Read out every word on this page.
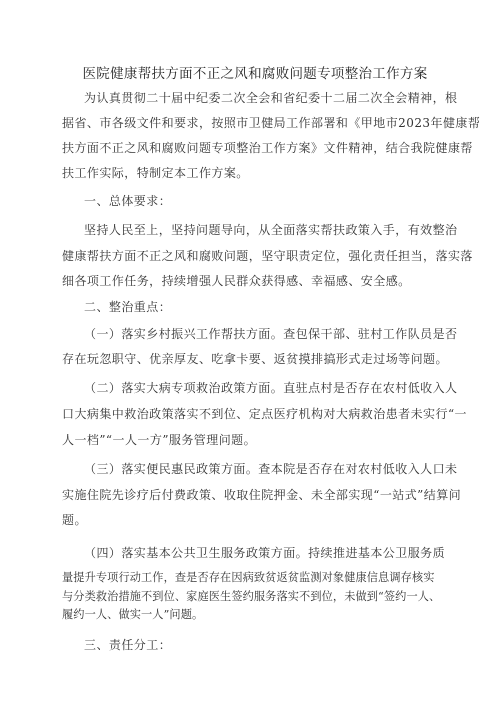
医院健康帮扶方面不正之风和腐败问题专项整治工作方案
为认真贯彻二十届中纪委二次全会和省纪委十二届二次全会精神，根
据省、市各级文件和要求，按照市卫健局工作部署和《甲地市2023年健康帮
扶方面不正之风和腐败问题专项整治工作方案》文件精神，结合我院健康帮
扶工作实际，特制定本工作方案。
一、总体要求：
坚持人民至上，坚持问题导向，从全面落实帮扶政策入手，有效整治
健康帮扶方面不正之风和腐败问题，坚守职责定位，强化责任担当，落实落
细各项工作任务，持续增强人民群众获得感、幸福感、安全感。
二、整治重点：
（一）落实乡村振兴工作帮扶方面。查包保干部、驻村工作队员是否
存在玩忽职守、优亲厚友、吃拿卡要、返贫摸排搞形式走过场等问题。
（二）落实大病专项救治政策方面。直驻点村是否存在农村低收入人
口大病集中救治政策落实不到位、定点医疗机构对大病救治患者未实行“一
人一档”“一人一方”服务管理问题。
（三）落实便民惠民政策方面。查本院是否存在对农村低收入人口未
实施住院先诊疗后付费政策、收取住院押金、未全部实现“一站式”结算问
题。
（四）落实基本公共卫生服务政策方面。持续推进基本公卫服务质
量提升专项行动工作，查是否存在因病致贫返贫监测对象健康信息调存核实
与分类救治措施不到位、家庭医生签约服务落实不到位，未做到“签约一人、
履约一人、做实一人”问题。
三、责任分工：
